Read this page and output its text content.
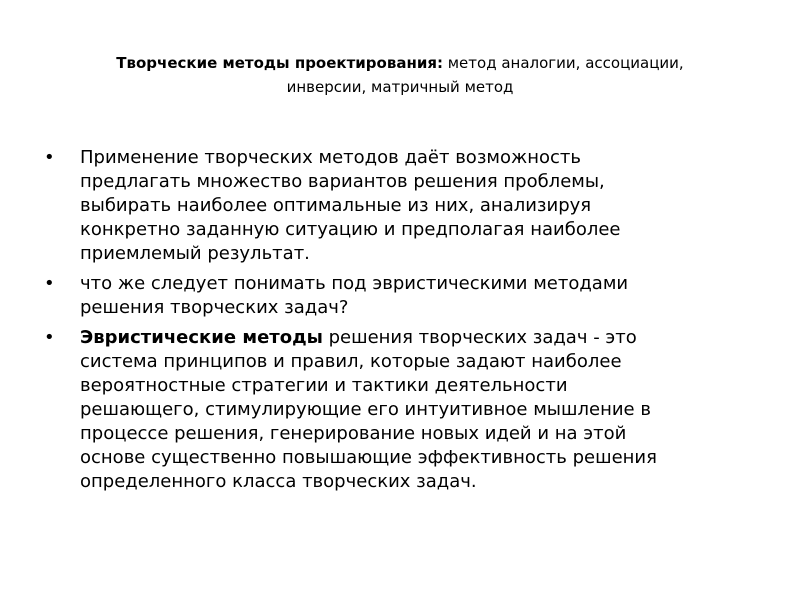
Творческие методы проектирования: метод аналогии, ассоциации,
инверсии, матричный метод
• Применение творческих методов даёт возможность
предлагать множество вариантов решения проблемы,
выбирать наиболее оптимальные из них, анализируя
конкретно заданную ситуацию и предполагая наиболее
приемлемый результат.
• что же следует понимать под эвристическими методами
решения творческих задач?
• Эвристические методы решения творческих задач - это
система принципов и правил, которые задают наиболее
вероятностные стратегии и тактики деятельности
решающего, стимулирующие его интуитивное мышление в
процессе решения, генерирование новых идей и на этой
основе существенно повышающие эффективность решения
определенного класса творческих задач.
